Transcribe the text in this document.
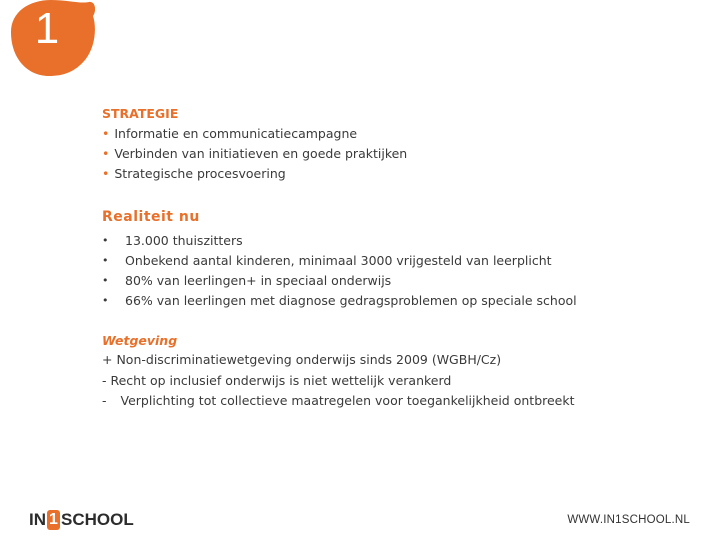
1
STRATEGIE
• Informatie en communicatiecampagne
• Verbinden van initiatieven en goede praktijken
• Strategische procesvoering
Realiteit nu
• 13.000 thuiszitters
• Onbekend aantal kinderen, minimaal 3000 vrijgesteld van leerplicht
• 80% van leerlingen+ in speciaal onderwijs
• 66% van leerlingen met diagnose gedragsproblemen op speciale school
Wetgeving
+ Non-discriminatiewetgeving onderwijs sinds 2009 (WGBH/Cz)
- Recht op inclusief onderwijs is niet wettelijk verankerd
- Verplichting tot collectieve maatregelen voor toegankelijkheid ontbreekt
IN 1 SCHOOL	WWW.IN1SCHOOL.NL
